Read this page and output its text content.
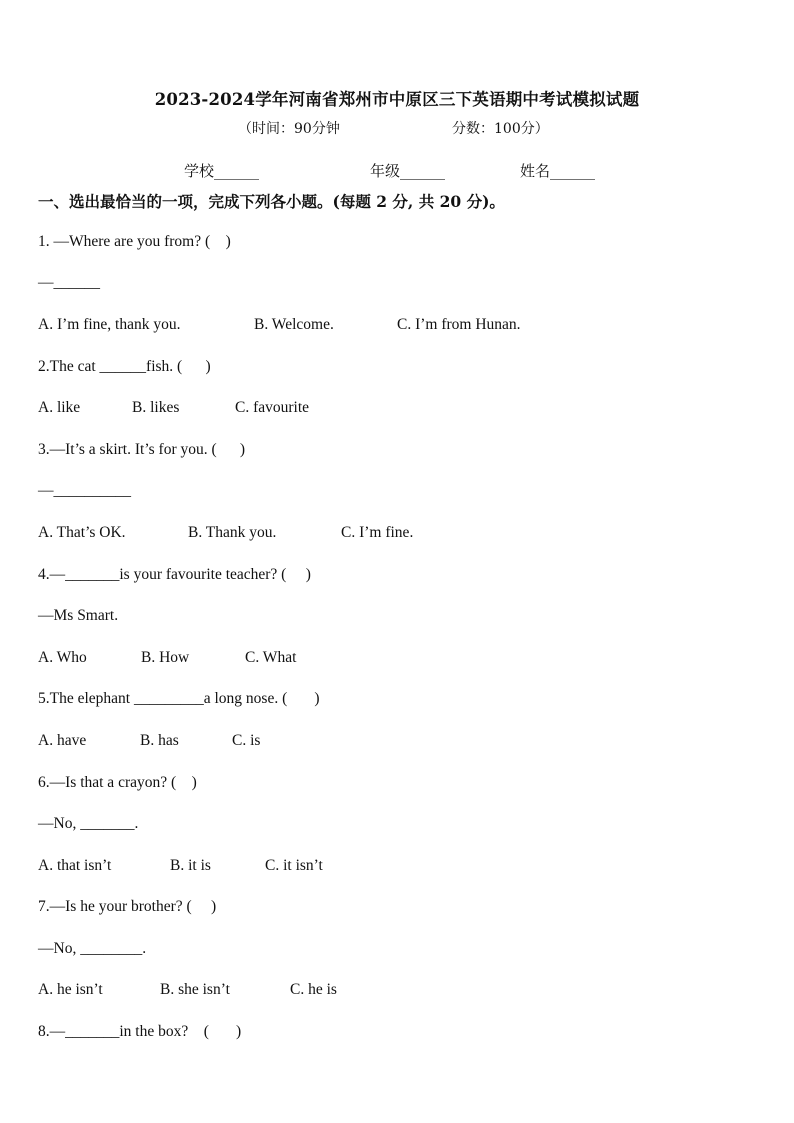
2023-2024学年河南省郑州市中原区三下英语期中考试模拟试题
（时间：90分钟	分数：100分）
学校______	年级______	姓名______
一、选出最恰当的一项，完成下列各小题。(每题 2 分, 共 20 分)。
1. —Where are you from? (    )
—______

A. I’m fine, thank you.

	B. Welcome.

	C. I’m from Hunan.

2.The cat ______fish. (      )

A. like

	B. likes

	C. favourite

3.—It’s a skirt. It’s for you. (      )
—__________

A. That’s OK.

	B. Thank you.

	C. I’m fine.

4.—_______is your favourite teacher? (     )
—Ms Smart.

A. Who

	B. How

	C. What

5.The elephant _________a long nose. (       )

A. have

	B. has

	C. is

6.—Is that a crayon? (    )
—No, _______.

A. that isn’t

	B. it is

	C. it isn’t

7.—Is he your brother? (     )
—No, ________.

A. he isn’t

	B. she isn’t

	C. he is

8.—_______in the box?    (       )
